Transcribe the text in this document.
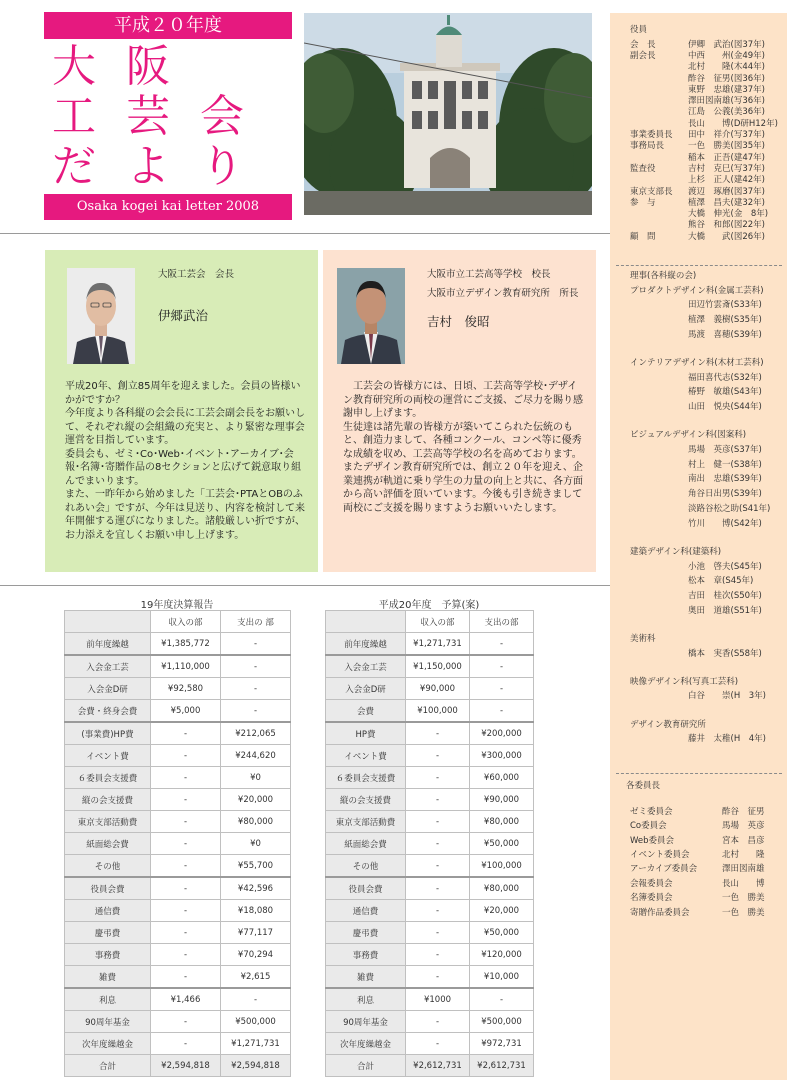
平成２０年度
大阪
工芸会
だより
Osaka kogei kai letter 2008
大阪工芸会　会長
伊郷武治
平成20年、創立85周年を迎えました。会員の皆様いかがですか？
今年度より各科縦の会会長に工芸会副会長をお願いして、それぞれ縦の会組織の充実と、より緊密な理事会運営を目指しています。
委員会も、ゼミ･Co･Web･イベント･アーカイブ･会報･名簿･寄贈作品の8セクションと広げて鋭意取り組んでまいります。
また、一昨年から始めました「工芸会･PTAとOBのふれあい会」ですが、今年は見送り、内容を検討して来年開催する運びになりました。諸般厳しい折ですが、お力添えを宜しくお願い申し上げます。
大阪市立工芸高等学校　校長
大阪市立デザイン教育研究所　所長
吉村　俊昭
　工芸会の皆様方には、日頃、工芸高等学校･デザイン教育研究所の両校の運営にご支援、ご尽力を賜り感謝申し上げます。
生徒達は諸先輩の皆様方が築いてこられた伝統のもと、創造力まして、各種コンクール、コンペ等に優秀な成績を収め、工芸高等学校の名を高めております。
またデザイン教育研究所では、創立２０年を迎え、企業連携が軌道に乗り学生の力量の向上と共に、各方面から高い評価を頂いています。今後も引き続きまして両校にご支援を賜りますようお願いいたします。
19年度決算報告
	収入の部	支出の 部
前年度繰越	¥1,385,772	-
入会金工芸	¥1,110,000	-
入会金D研	¥92,580	-
会費・終身会費	¥5,000	-
(事業費)HP費	-	¥212,065
イベント費	-	¥244,620
６委員会支援費	-	¥0
縦の会支援費	-	¥20,000
東京支部活動費	-	¥80,000
紙面総会費	-	¥0
その他	-	¥55,700
役員会費	-	¥42,596
通信費	-	¥18,080
慶弔費	-	¥77,117
事務費	-	¥70,294
雑費	-	¥2,615
利息	¥1,466	-
90周年基金	-	¥500,000
次年度繰越金	-	¥1,271,731
合計	¥2,594,818	¥2,594,818
平成20年度　予算(案)
	収入の部	支出の部
前年度繰越	¥1,271,731	-
入会金工芸	¥1,150,000	-
入会金D研	¥90,000	-
会費	¥100,000	-
HP費	-	¥200,000
イベント費	-	¥300,000
６委員会支援費	-	¥60,000
縦の会支援費	-	¥90,000
東京支部活動費	-	¥80,000
紙面総会費	-	¥50,000
その他	-	¥100,000
役員会費	-	¥80,000
通信費	-	¥20,000
慶弔費	-	¥50,000
事務費	-	¥120,000
雑費	-	¥10,000
利息	¥1000	-
90周年基金	-	¥500,000
次年度繰越金	-	¥972,731
合計	¥2,612,731	¥2,612,731
役員
会　長	伊卿　武治(図37年)
副会長	中西　　州(金49年)
北村　　隆(木44年)
酢谷　征男(図36年)
東野　忠雄(建37年)
澤田図南雄(写36年)
江島　公義(美36年)
長山　　博(D研H12年)
事業委員長 田中　祥介(写37年)
事務局長	一色　勝美(図35年)
稲本　正吾(建47年)
監査役	吉村　克巳(写37年)
上杉　正人(建42年)
東京支部長 渡辺　琢磨(図37年)
参　与	植澤　昌夫(建32年)
大橋　伸光(金　8年)
熊谷　和郎(図22年)
顧　問	大橋　　武(図26年)
理事(各科縦の会)
プロダクトデザイン科(金属工芸科)
田辺竹雲斎(S33年)
植澤　義樹(S35年)
馬渡　喜穂(S39年)
インテリアデザイン科(木材工芸科)
福田喜代志(S32年)
椿野　敏雄(S43年)
山田　悦央(S44年)
ビジュアルデザイン科(図案科)
馬場　英彦(S37年)
村上　健一(S38年)
南出　忠雄(S39年)
角谷日出男(S39年)
淡路谷松之助(S41年)
竹川　　博(S42年)
建築デザイン科(建築科)
小池　啓夫(S45年)
松本　章(S45年)
吉田　桂次(S50年)
奥田　道雄(S51年)
美術科
橋本　実香(S58年)
映像デザイン科(写真工芸科)
白谷　　崇(H　3年)
デザイン教育研究所
藤井　太稚(H　4年)
各委員長
ゼミ委員会	酢谷　征男
Co委員会	馬場　英彦
Web委員会	宮本　昌彦
イベント委員会	北村　　隆
アーカイブ委員会	澤田図南雄
会報委員会	長山　　博
名簿委員会	一色　勝美
寄贈作品委員会	一色　勝美
